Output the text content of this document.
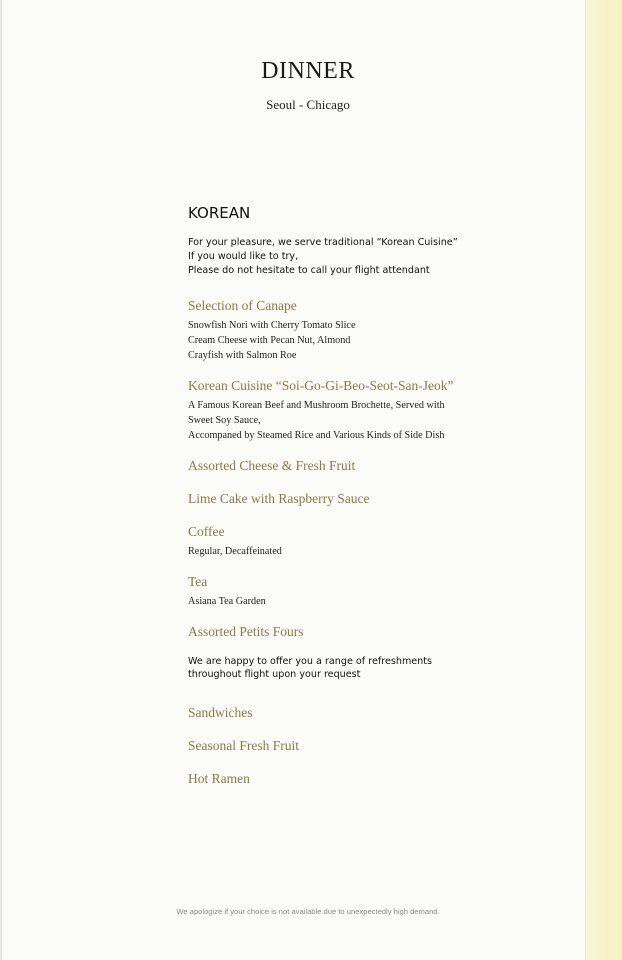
DINNER
Seoul - Chicago
KOREAN
For your pleasure, we serve traditional “Korean Cuisine”
If you would like to try,
Please do not hesitate to call your flight attendant
Selection of Canape
Snowfish Nori with Cherry Tomato Slice
Cream Cheese with Pecan Nut, Almond
Crayfish with Salmon Roe
Korean Cuisine “Soi-Go-Gi-Beo-Seot-San-Jeok”
A Famous Korean Beef and Mushroom Brochette, Served with
Sweet Soy Sauce,
Accompaned by Steamed Rice and Various Kinds of Side Dish
Assorted Cheese & Fresh Fruit
Lime Cake with Raspberry Sauce
Coffee
Regular, Decaffeinated
Tea
Asiana Tea Garden
Assorted Petits Fours
We are happy to offer you a range of refreshments
throughout flight upon your request
Sandwiches
Seasonal Fresh Fruit
Hot Ramen
We apologize if your choice is not available due to unexpectedly high demand.
